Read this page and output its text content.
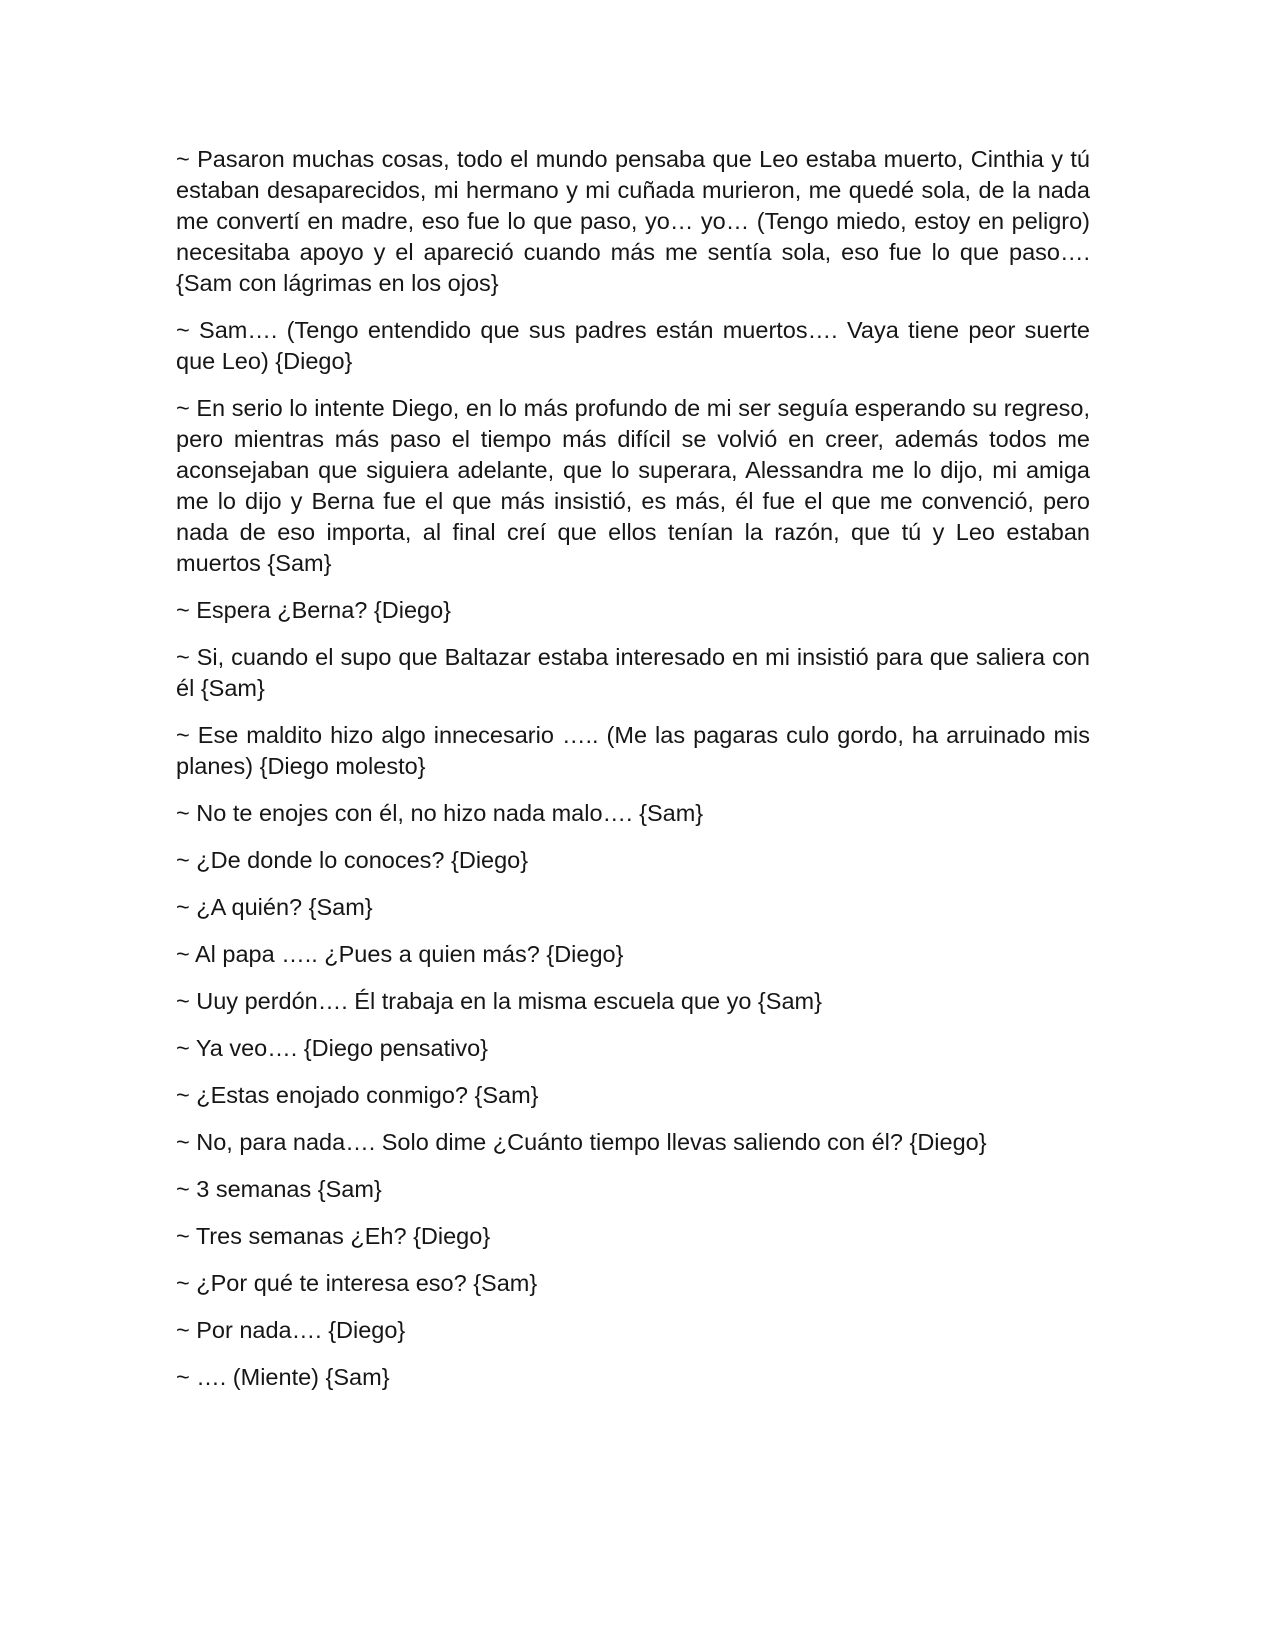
~ Pasaron muchas cosas, todo el mundo pensaba que Leo estaba muerto, Cinthia y tú estaban desaparecidos, mi hermano y mi cuñada murieron, me quedé sola, de la nada me convertí en madre, eso fue lo que paso, yo… yo… (Tengo miedo, estoy en peligro) necesitaba apoyo y el apareció cuando más me sentía sola, eso fue lo que paso…. {Sam con lágrimas en los ojos}

~ Sam…. (Tengo entendido que sus padres están muertos…. Vaya tiene peor suerte que Leo) {Diego}

~ En serio lo intente Diego, en lo más profundo de mi ser seguía esperando su regreso, pero mientras más paso el tiempo más difícil se volvió en creer, además todos me aconsejaban que siguiera adelante, que lo superara, Alessandra me lo dijo, mi amiga me lo dijo y Berna fue el que más insistió, es más, él fue el que me convenció, pero nada de eso importa, al final creí que ellos tenían la razón, que tú y Leo estaban muertos {Sam}

~ Espera ¿Berna? {Diego}

~ Si, cuando el supo que Baltazar estaba interesado en mi insistió para que saliera con él {Sam}

~ Ese maldito hizo algo innecesario ….. (Me las pagaras culo gordo, ha arruinado mis planes) {Diego molesto}

~ No te enojes con él, no hizo nada malo…. {Sam}

~ ¿De donde lo conoces? {Diego}

~ ¿A quién? {Sam}

~ Al papa ….. ¿Pues a quien más? {Diego}

~ Uuy perdón…. Él trabaja en la misma escuela que yo {Sam}

~ Ya veo…. {Diego pensativo}

~ ¿Estas enojado conmigo? {Sam}

~ No, para nada…. Solo dime ¿Cuánto tiempo llevas saliendo con él? {Diego}

~ 3 semanas {Sam}

~ Tres semanas ¿Eh? {Diego}

~ ¿Por qué te interesa eso? {Sam}

~ Por nada…. {Diego}

~ …. (Miente) {Sam}
